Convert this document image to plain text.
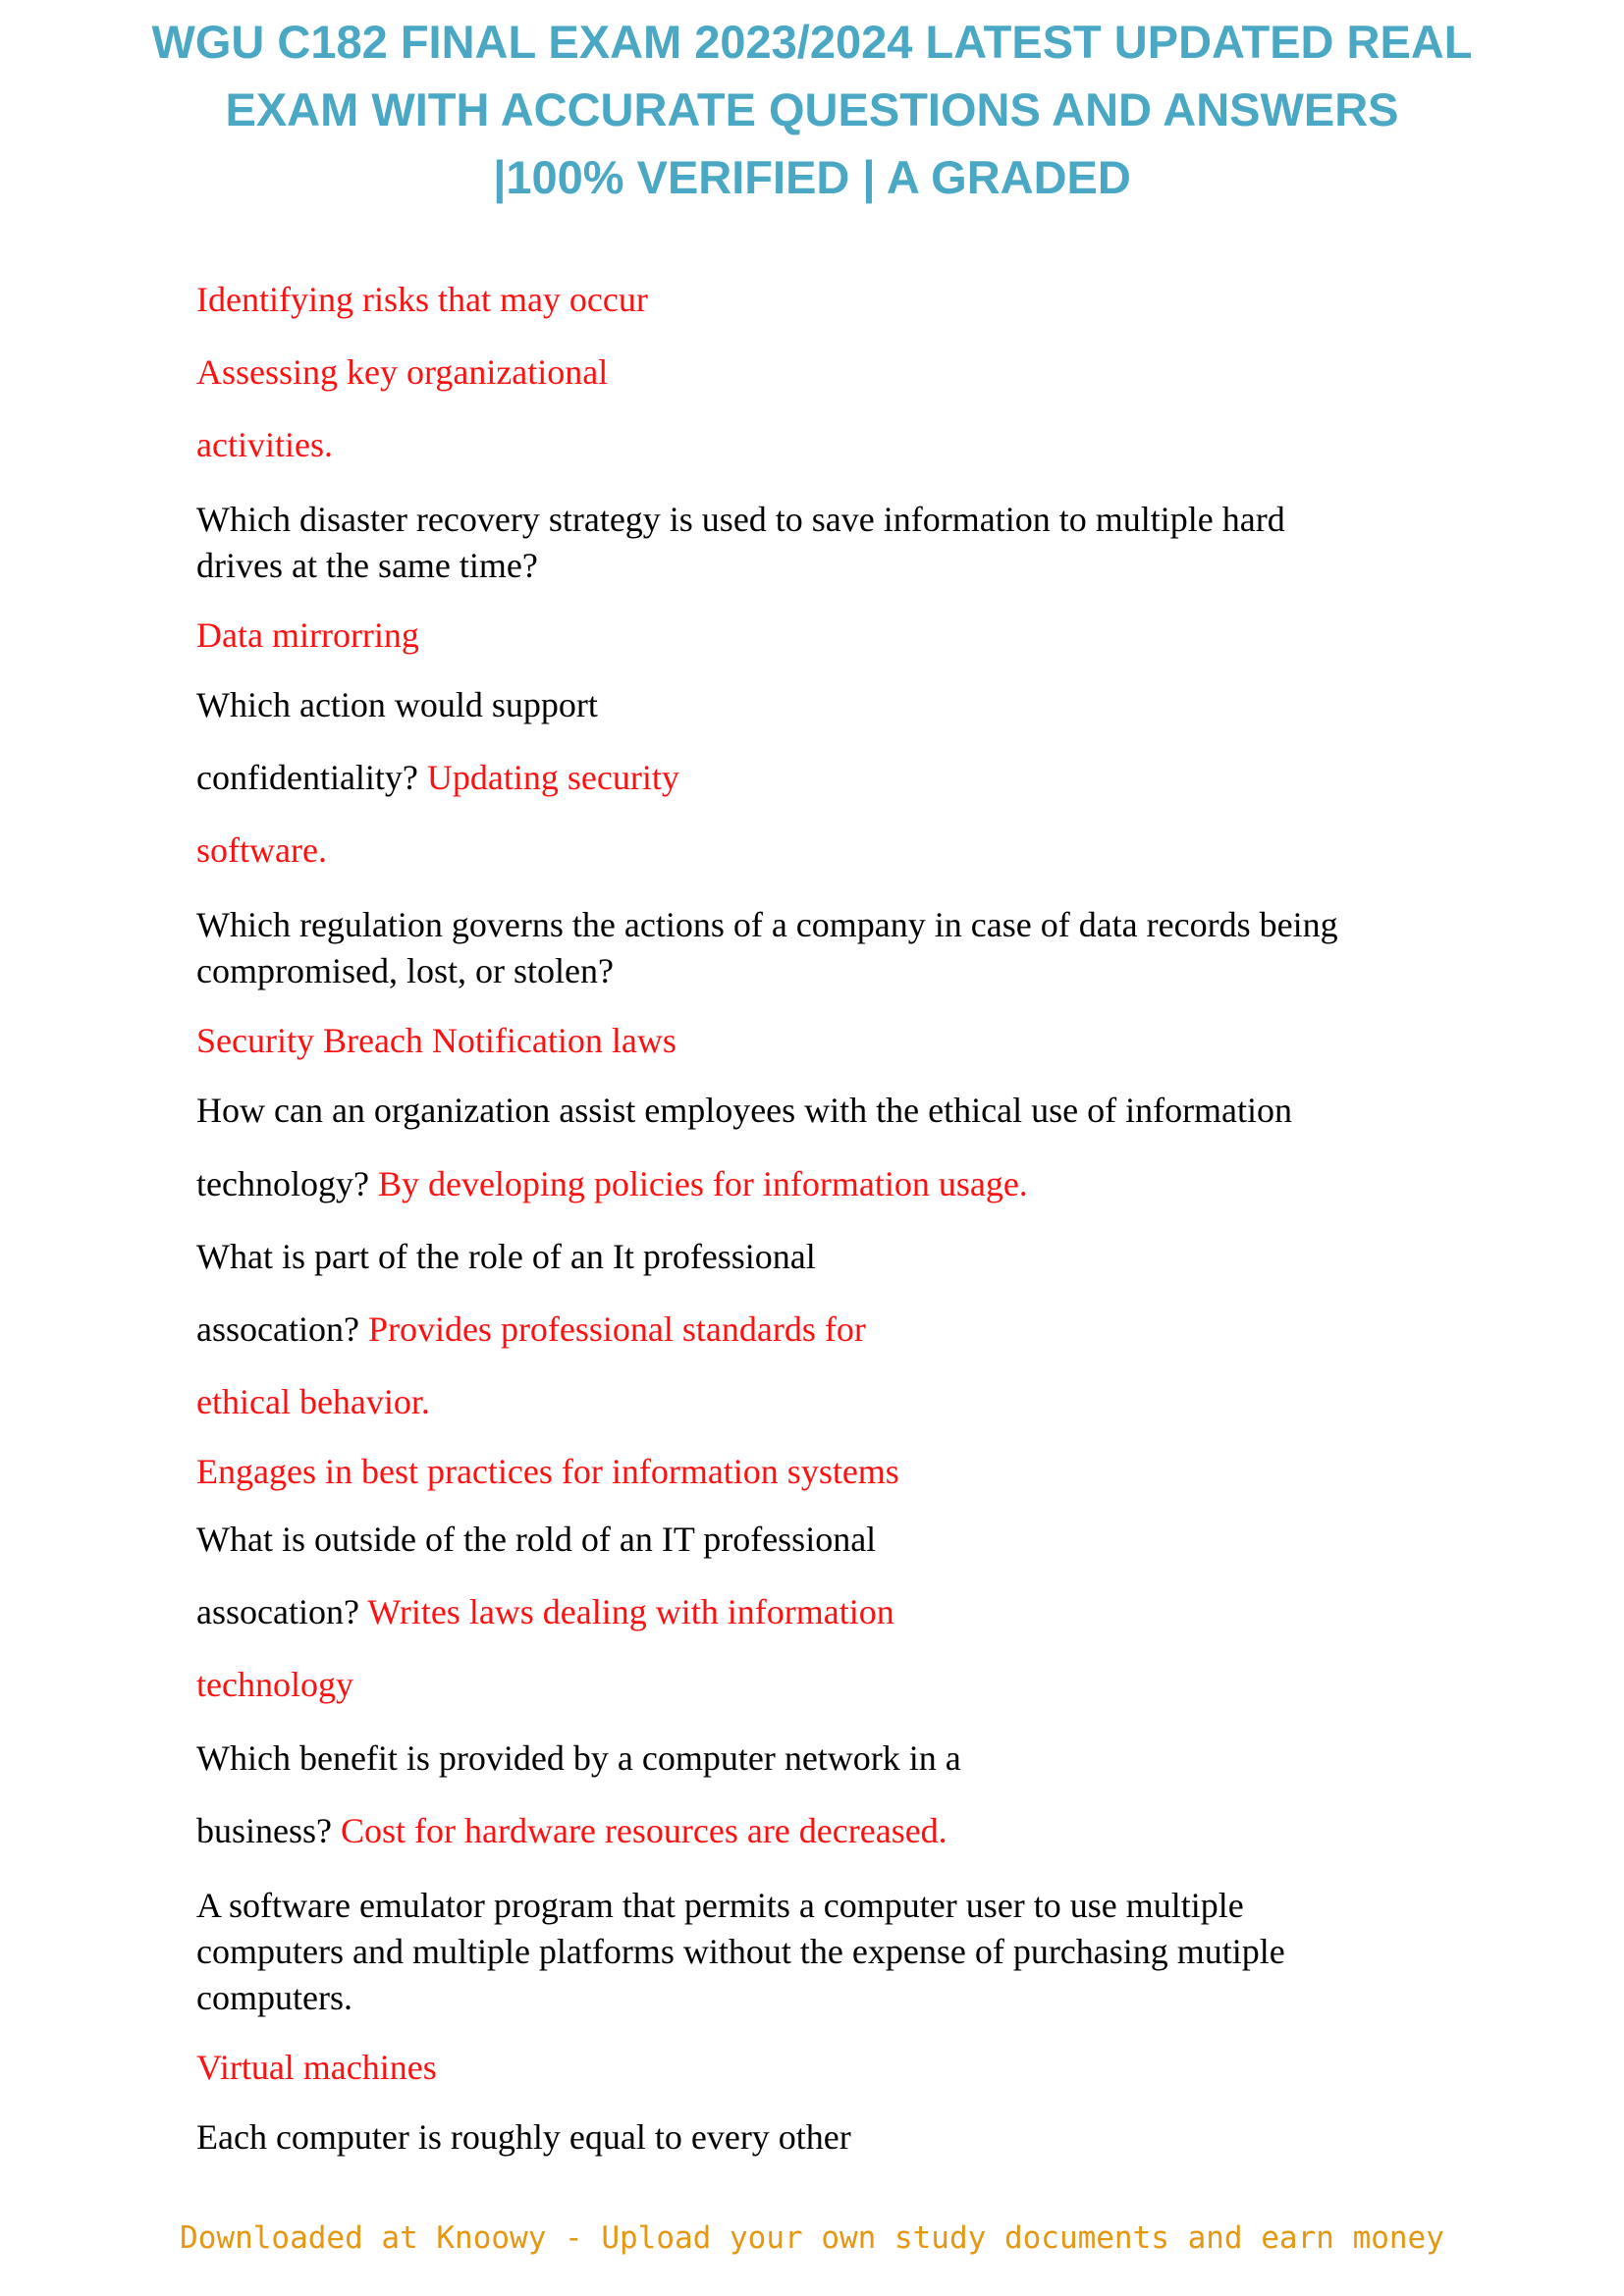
WGU C182 FINAL EXAM 2023/2024 LATEST UPDATED REAL
EXAM WITH ACCURATE QUESTIONS AND ANSWERS
|100% VERIFIED | A GRADED
Identifying risks that may occur
Assessing key organizational
activities.
Which disaster recovery strategy is used to save information to multiple hard
drives at the same time?
Data mirrorring
Which action would support
confidentiality? Updating security
software.
Which regulation governs the actions of a company in case of data records being
compromised, lost, or stolen?
Security Breach Notification laws
How can an organization assist employees with the ethical use of information
technology? By developing policies for information usage.
What is part of the role of an It professional
assocation? Provides professional standards for
ethical behavior.
Engages in best practices for information systems
What is outside of the rold of an IT professional
assocation? Writes laws dealing with information
technology
Which benefit is provided by a computer network in a
business? Cost for hardware resources are decreased.
A software emulator program that permits a computer user to use multiple
computers and multiple platforms without the expense of purchasing mutiple
computers.
Virtual machines
Each computer is roughly equal to every other
Downloaded at Knoowy - Upload your own study documents and earn money
